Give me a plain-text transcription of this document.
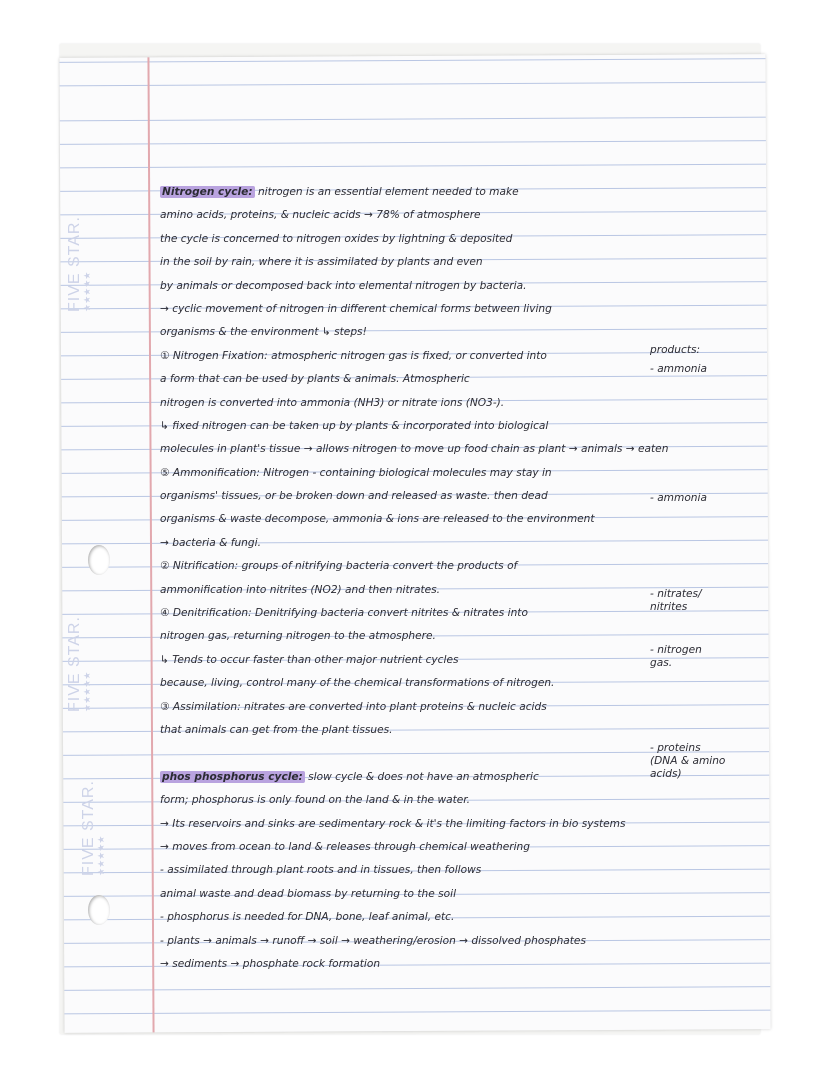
FIVE STAR. ★★★★★
FIVE STAR. ★★★★★
FIVE STAR. ★★★★★
Nitrogen cycle: nitrogen is an essential element needed to make
amino acids, proteins, & nucleic acids → 78% of atmosphere
the cycle is concerned to nitrogen oxides by lightning & deposited
in the soil by rain, where it is assimilated by plants and even
by animals or decomposed back into elemental nitrogen by bacteria.
→ cyclic movement of nitrogen in different chemical forms between living
organisms & the environment ↳ steps!
① Nitrogen Fixation: atmospheric nitrogen gas is fixed, or converted into
a form that can be used by plants & animals. Atmospheric
nitrogen is converted into ammonia (NH3) or nitrate ions (NO3-).
↳ fixed nitrogen can be taken up by plants & incorporated into biological
molecules in plant's tissue → allows nitrogen to move up food chain as plant → animals → eaten
⑤ Ammonification: Nitrogen - containing biological molecules may stay in
organisms' tissues, or be broken down and released as waste. then dead
organisms & waste decompose, ammonia & ions are released to the environment
→ bacteria & fungi.
② Nitrification: groups of nitrifying bacteria convert the products of
ammonification into nitrites (NO2) and then nitrates.
④ Denitrification: Denitrifying bacteria convert nitrites & nitrates into
nitrogen gas, returning nitrogen to the atmosphere.
↳ Tends to occur faster than other major nutrient cycles
because, living, control many of the chemical transformations of nitrogen.
③ Assimilation: nitrates are converted into plant proteins & nucleic acids
that animals can get from the plant tissues.
phos phosphorus cycle: slow cycle & does not have an atmospheric
form; phosphorus is only found on the land & in the water.
→ Its reservoirs and sinks are sedimentary rock & it's the limiting factors in bio systems
→ moves from ocean to land & releases through chemical weathering
- assimilated through plant roots and in tissues, then follows
animal waste and dead biomass by returning to the soil
- phosphorus is needed for DNA, bone, leaf animal, etc.
- plants → animals → runoff → soil → weathering/erosion → dissolved phosphates
→ sediments → phosphate rock formation
products:
- ammonia
- ammonia
- nitrates/
nitrites
- nitrogen
gas.
- proteins
(DNA & amino
acids)
